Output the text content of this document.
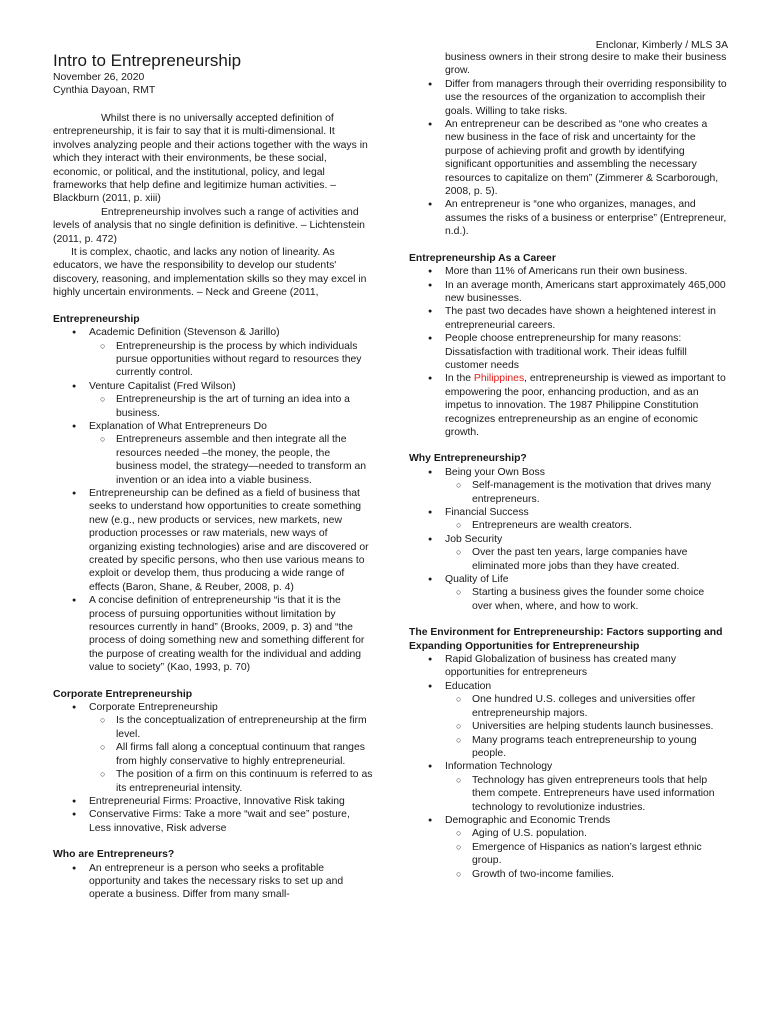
Enclonar, Kimberly / MLS 3A
Intro to Entrepreneurship
November 26, 2020
Cynthia Dayoan, RMT

Whilst there is no universally accepted definition of entrepreneurship, it is fair to say that it is multi-dimensional. It involves analyzing people and their actions together with the ways in which they interact with their environments, be these social, economic, or political, and the institutional, policy, and legal frameworks that help define and legitimize human activities. – Blackburn (2011, p. xiii)

Entrepreneurship involves such a range of activities and levels of analysis that no single definition is definitive. – Lichtenstein (2011, p. 472)

It is complex, chaotic, and lacks any notion of linearity. As educators, we have the responsibility to develop our students' discovery, reasoning, and implementation skills so they may excel in highly uncertain environments. – Neck and Greene (2011,

Entrepreneurship

● Academic Definition (Stevenson & Jarillo)
○ Entrepreneurship is the process by which individuals pursue opportunities without regard to resources they currently control.
● Venture Capitalist (Fred Wilson)
○ Entrepreneurship is the art of turning an idea into a business.
● Explanation of What Entrepreneurs Do
○ Entrepreneurs assemble and then integrate all the resources needed –the money, the people, the business model, the strategy—needed to transform an invention or an idea into a viable business.
● Entrepreneurship can be defined as a field of business that seeks to understand how opportunities to create something new (e.g., new products or services, new markets, new production processes or raw materials, new ways of organizing existing technologies) arise and are discovered or created by specific persons, who then use various means to exploit or develop them, thus producing a wide range of effects (Baron, Shane, & Reuber, 2008, p. 4)
● A concise definition of entrepreneurship “is that it is the process of pursuing opportunities without limitation by resources currently in hand” (Brooks, 2009, p. 3) and “the process of doing something new and something different for the purpose of creating wealth for the individual and adding value to society” (Kao, 1993, p. 70)

Corporate Entrepreneurship

● Corporate Entrepreneurship
○ Is the conceptualization of entrepreneurship at the firm level.
○ All firms fall along a conceptual continuum that ranges from highly conservative to highly entrepreneurial.
○ The position of a firm on this continuum is referred to as its entrepreneurial intensity.
● Entrepreneurial Firms: Proactive, Innovative Risk taking
● Conservative Firms: Take a more “wait and see” posture, Less innovative, Risk adverse

Who are Entrepreneurs?

● An entrepreneur is a person who seeks a profitable opportunity and takes the necessary risks to set up and operate a business. Differ from many small-
business owners in their strong desire to make their business grow.
● Differ from managers through their overriding responsibility to use the resources of the organization to accomplish their goals. Willing to take risks.
● An entrepreneur can be described as “one who creates a new business in the face of risk and uncertainty for the purpose of achieving profit and growth by identifying significant opportunities and assembling the necessary resources to capitalize on them” (Zimmerer & Scarborough, 2008, p. 5).
● An entrepreneur is “one who organizes, manages, and assumes the risks of a business or enterprise” (Entrepreneur, n.d.).

Entrepreneurship As a Career

● More than 11% of Americans run their own business.
● In an average month, Americans start approximately 465,000 new businesses.
● The past two decades have shown a heightened interest in entrepreneurial careers.
● People choose entrepreneurship for many reasons: Dissatisfaction with traditional work. Their ideas fulfill customer needs
● In the Philippines, entrepreneurship is viewed as important to empowering the poor, enhancing production, and as an impetus to innovation. The 1987 Philippine Constitution recognizes entrepreneurship as an engine of economic growth.

Why Entrepreneurship?

● Being your Own Boss
○ Self-management is the motivation that drives many entrepreneurs.
● Financial Success
○ Entrepreneurs are wealth creators.
● Job Security
○ Over the past ten years, large companies have eliminated more jobs than they have created.
● Quality of Life
○ Starting a business gives the founder some choice over when, where, and how to work.

The Environment for Entrepreneurship: Factors supporting and Expanding Opportunities for Entrepreneurship

● Rapid Globalization of business has created many opportunities for entrepreneurs
● Education
○ One hundred U.S. colleges and universities offer entrepreneurship majors.
○ Universities are helping students launch businesses.
○ Many programs teach entrepreneurship to young people.
● Information Technology
○ Technology has given entrepreneurs tools that help them compete. Entrepreneurs have used information technology to revolutionize industries.
● Demographic and Economic Trends
○ Aging of U.S. population.
○ Emergence of Hispanics as nation’s largest ethnic group.
○ Growth of two-income families.
